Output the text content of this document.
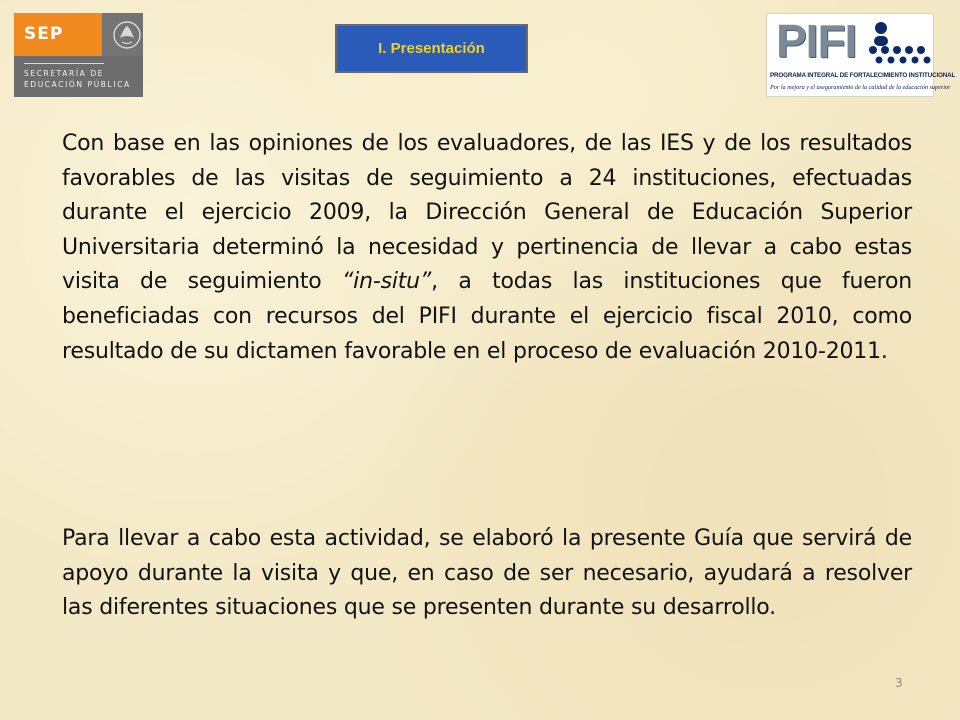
SEP
SECRETARÍA DE
EDUCACIÓN PÚBLICA
I. Presentación	PIFI
PROGRAMA INTEGRAL DE FORTALECIMIENTO INSTITUCIONAL
Por la mejora y el aseguramiento de la calidad de la educación superior

Con base en las opiniones de los evaluadores, de las IES y de los resultados favorables de las visitas de seguimiento a 24 instituciones, efectuadas durante el ejercicio 2009, la Dirección General de Educación Superior Universitaria determinó la necesidad y pertinencia de llevar a cabo estas visita de seguimiento “in-situ”, a todas las instituciones que fueron beneficiadas con recursos del PIFI durante el ejercicio fiscal 2010, como resultado de su dictamen favorable en el proceso de evaluación 2010-2011.

Para llevar a cabo esta actividad, se elaboró la presente Guía que servirá de apoyo durante la visita y que, en caso de ser necesario, ayudará a resolver las diferentes situaciones que se presenten durante su desarrollo.

3
